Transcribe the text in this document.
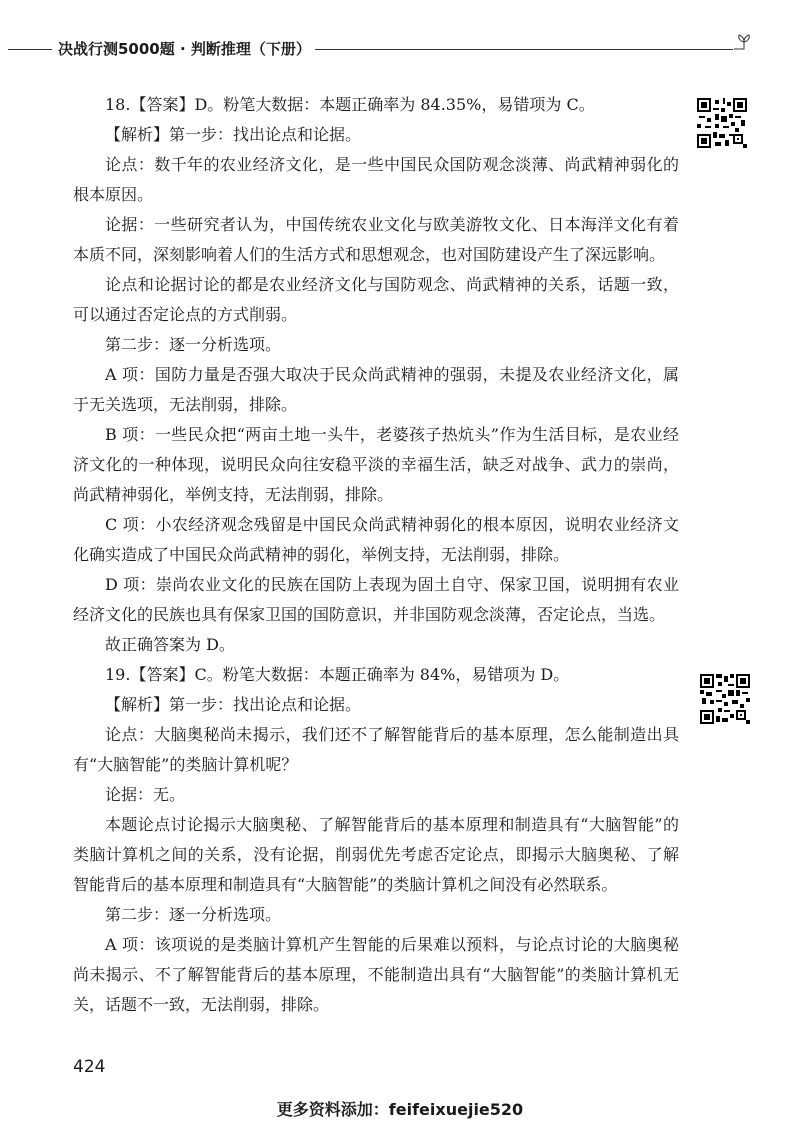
决战行测5000题 · 判断推理（下册）

18.【答案】D。粉笔大数据：本题正确率为 84.35%，易错项为 C。

【解析】第一步：找出论点和论据。

论点：数千年的农业经济文化，是一些中国民众国防观念淡薄、尚武精神弱化的根本原因。

论据：一些研究者认为，中国传统农业文化与欧美游牧文化、日本海洋文化有着本质不同，深刻影响着人们的生活方式和思想观念，也对国防建设产生了深远影响。

论点和论据讨论的都是农业经济文化与国防观念、尚武精神的关系，话题一致，可以通过否定论点的方式削弱。

第二步：逐一分析选项。

A 项：国防力量是否强大取决于民众尚武精神的强弱，未提及农业经济文化，属于无关选项，无法削弱，排除。

B 项：一些民众把“两亩土地一头牛，老婆孩子热炕头”作为生活目标，是农业经济文化的一种体现，说明民众向往安稳平淡的幸福生活，缺乏对战争、武力的崇尚，尚武精神弱化，举例支持，无法削弱，排除。

C 项：小农经济观念残留是中国民众尚武精神弱化的根本原因，说明农业经济文化确实造成了中国民众尚武精神的弱化，举例支持，无法削弱，排除。

D 项：崇尚农业文化的民族在国防上表现为固土自守、保家卫国，说明拥有农业经济文化的民族也具有保家卫国的国防意识，并非国防观念淡薄，否定论点，当选。

故正确答案为 D。

19.【答案】C。粉笔大数据：本题正确率为 84%，易错项为 D。

【解析】第一步：找出论点和论据。

论点：大脑奥秘尚未揭示，我们还不了解智能背后的基本原理，怎么能制造出具有“大脑智能”的类脑计算机呢？

论据：无。

本题论点讨论揭示大脑奥秘、了解智能背后的基本原理和制造具有“大脑智能”的类脑计算机之间的关系，没有论据，削弱优先考虑否定论点，即揭示大脑奥秘、了解智能背后的基本原理和制造具有“大脑智能”的类脑计算机之间没有必然联系。

第二步：逐一分析选项。

A 项：该项说的是类脑计算机产生智能的后果难以预料，与论点讨论的大脑奥秘尚未揭示、不了解智能背后的基本原理，不能制造出具有“大脑智能”的类脑计算机无关，话题不一致，无法削弱，排除。

424
更多资料添加：feifeixuejie520
